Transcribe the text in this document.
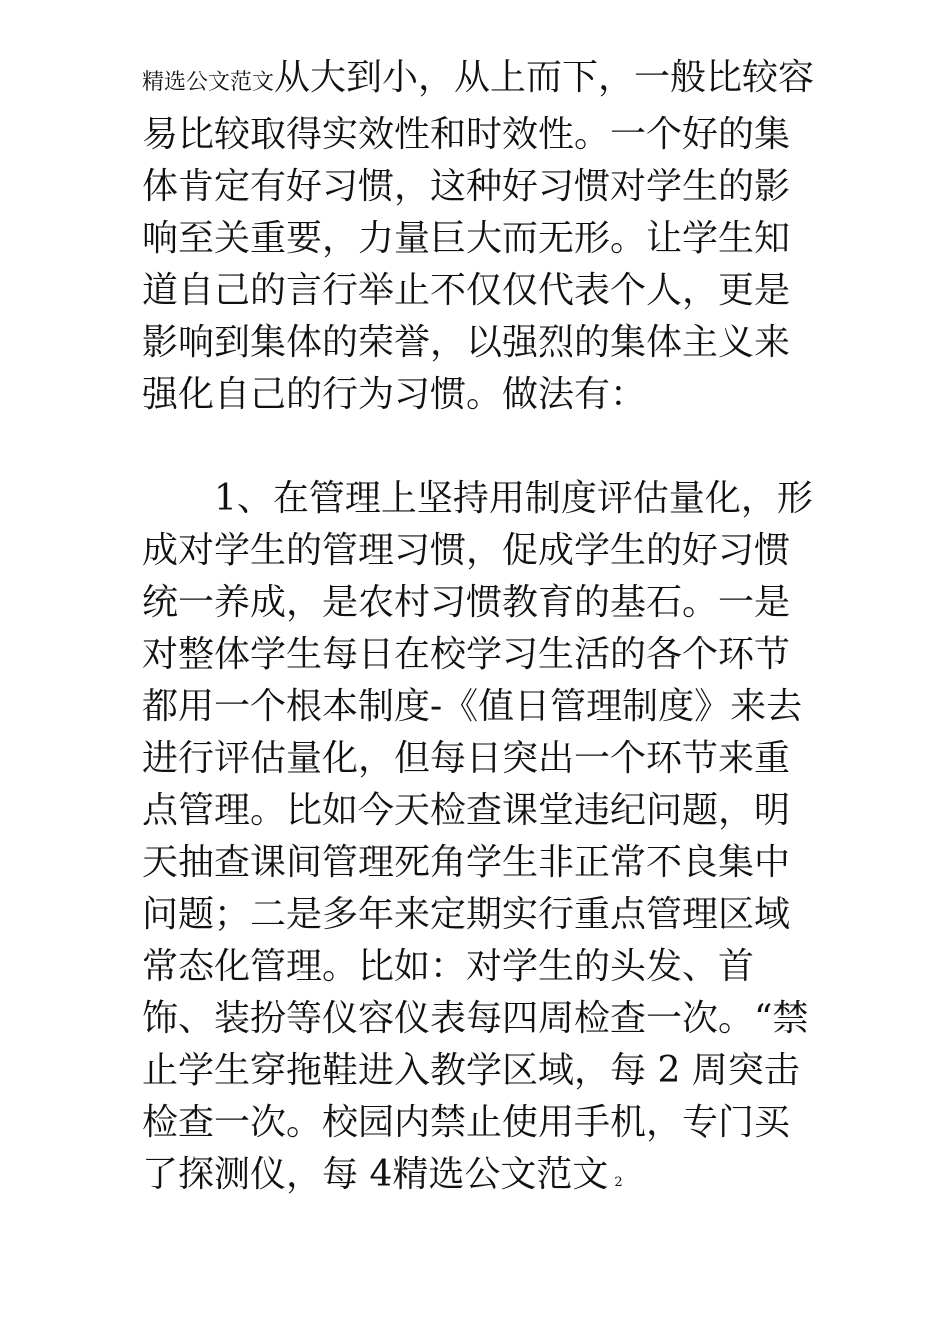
精选公文范文从大到小，从上而下，一般比较容易比较取得实效性和时效性。一个好的集体肯定有好习惯，这种好习惯对学生的影响至关重要，力量巨大而无形。让学生知道自己的言行举止不仅仅代表个人，更是影响到集体的荣誉，以强烈的集体主义来强化自己的行为习惯。做法有：

1、在管理上坚持用制度评估量化，形成对学生的管理习惯，促成学生的好习惯统一养成，是农村习惯教育的基石。一是对整体学生每日在校学习生活的各个环节都用一个根本制度-《值日管理制度》来去进行评估量化，但每日突出一个环节来重点管理。比如今天检查课堂违纪问题，明天抽查课间管理死角学生非正常不良集中问题；二是多年来定期实行重点管理区域常态化管理。比如：对学生的头发、首饰、装扮等仪容仪表每四周检查一次。“禁止学生穿拖鞋进入教学区域，每 2 周突击检查一次。校园内禁止使用手机，专门买了探测仪，每 4精选公文范文 2
